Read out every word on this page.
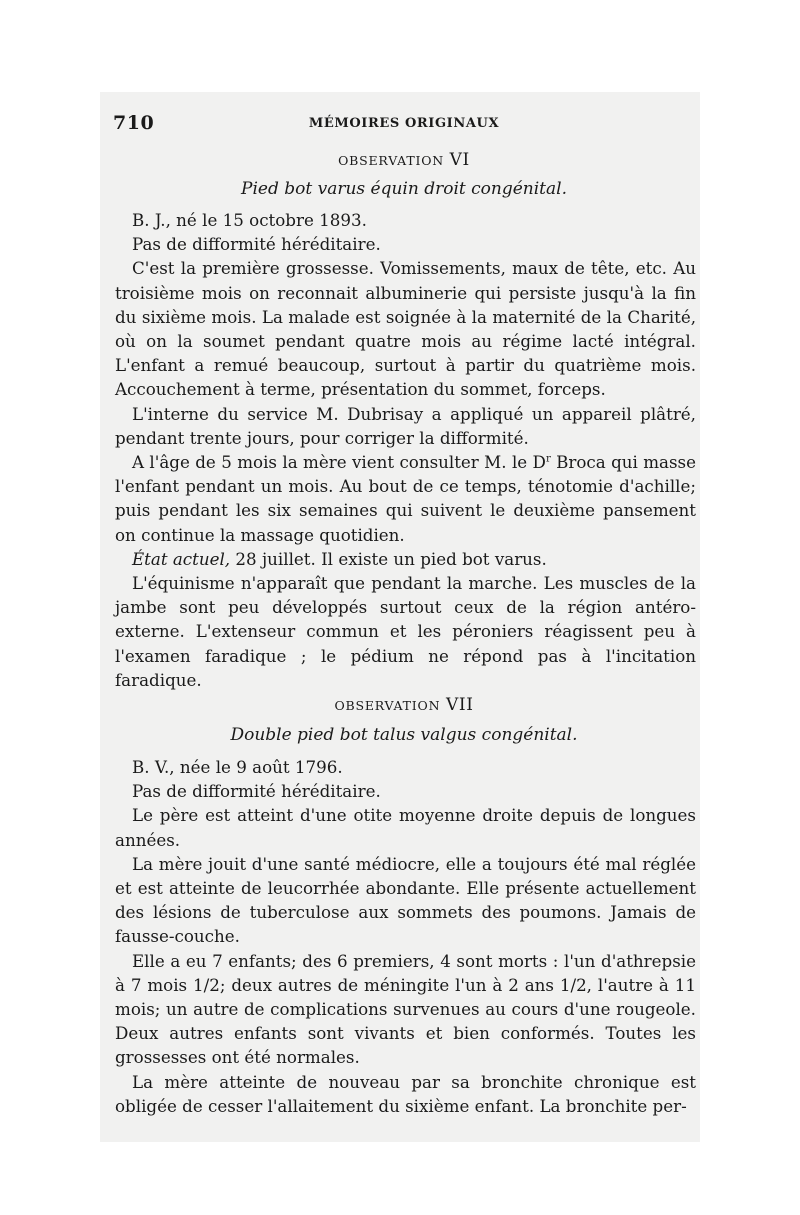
710	MÉMOIRES ORIGINAUX
OBSERVATION VI
Pied bot varus équin droit congénital.

B. J., né le 15 octobre 1893.

Pas de difformité héréditaire.

C'est la première grossesse. Vomissements, maux de tête, etc. Au troisième mois on reconnait albuminerie qui persiste jusqu'à la fin du sixième mois. La malade est soignée à la maternité de la Charité, où on la soumet pendant quatre mois au régime lacté intégral. L'enfant a remué beaucoup, surtout à partir du quatrième mois. Accouchement à terme, présentation du sommet, forceps.

L'interne du service M. Dubrisay a appliqué un appareil plâtré, pendant trente jours, pour corriger la difformité.

A l'âge de 5 mois la mère vient consulter M. le $D^r$ Broca qui masse l'enfant pendant un mois. Au bout de ce temps, ténotomie d'achille; puis pendant les six semaines qui suivent le deuxième pansement on continue la massage quotidien.

État actuel, 28 juillet. Il existe un pied bot varus.

L'équinisme n'apparaît que pendant la marche. Les muscles de la jambe sont peu développés surtout ceux de la région antéro-externe. L'extenseur commun et les péroniers réagissent peu à l'examen faradique ; le pédium ne répond pas à l'incitation faradique.

OBSERVATION VII
Double pied bot talus valgus congénital.

B. V., née le 9 août 1796.

Pas de difformité héréditaire.

Le père est atteint d'une otite moyenne droite depuis de longues années.

La mère jouit d'une santé médiocre, elle a toujours été mal réglée et est atteinte de leucorrhée abondante. Elle présente actuellement des lésions de tuberculose aux sommets des poumons. Jamais de fausse-couche.

Elle a eu 7 enfants; des 6 premiers, 4 sont morts : l'un d'athrepsie à 7 mois 1/2; deux autres de méningite l'un à 2 ans 1/2, l'autre à 11 mois; un autre de complications survenues au cours d'une rougeole. Deux autres enfants sont vivants et bien conformés. Toutes les grossesses ont été normales.

La mère atteinte de nouveau par sa bronchite chronique est obligée de cesser l'allaitement du sixième enfant. La bronchite per-
